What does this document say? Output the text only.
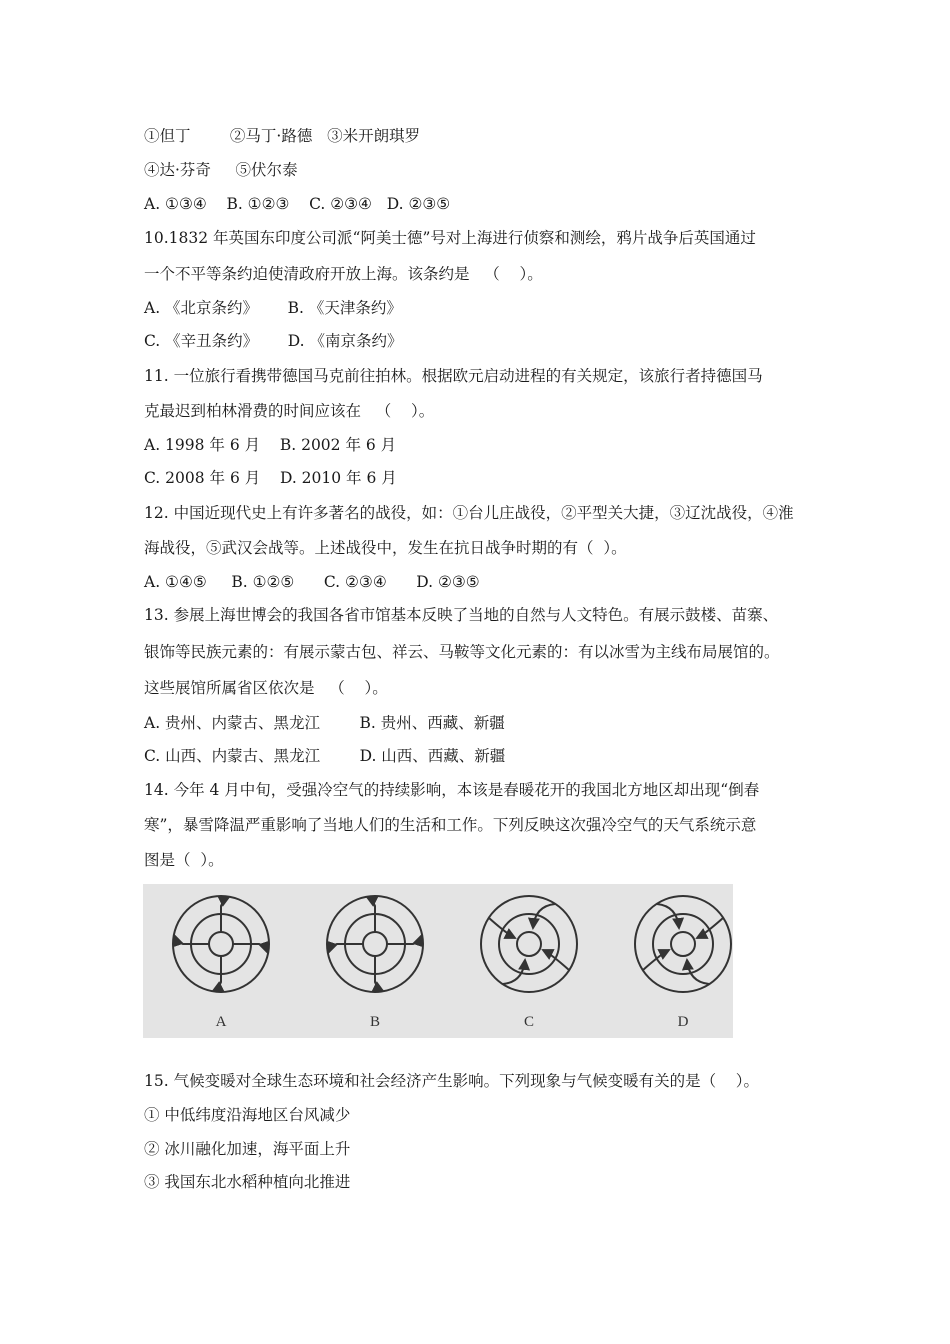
①但丁        ②马丁·路德   ③米开朗琪罗
④达·芬奇     ⑤伏尔泰
A. ①③④    B. ①②③    C. ②③④   D. ②③⑤
10.1832 年英国东印度公司派“阿美士德”号对上海进行侦察和测绘，鸦片战争后英国通过
一个不平等条约迫使清政府开放上海。该条约是   （    ）。
A. 《北京条约》      B. 《天津条约》
C. 《辛丑条约》      D. 《南京条约》
11. 一位旅行看携带德国马克前往拍林。根据欧元启动进程的有关规定，该旅行者持德国马
克最迟到柏林滑费的时间应该在   （    ）。
A. 1998 年 6 月    B. 2002 年 6 月
C. 2008 年 6 月    D. 2010 年 6 月
12. 中国近现代史上有许多著名的战役，如：①台儿庄战役，②平型关大捷，③辽沈战役，④淮
海战役，⑤武汉会战等。上述战役中，发生在抗日战争时期的有（  ）。
A. ①④⑤     B. ①②⑤      C. ②③④      D. ②③⑤
13. 参展上海世博会的我国各省市馆基本反映了当地的自然与人文特色。有展示鼓楼、苗寨、
银饰等民族元素的：有展示蒙古包、祥云、马鞍等文化元素的：有以冰雪为主线布局展馆的。
这些展馆所属省区依次是   （    ）。
A. 贵州、内蒙古、黑龙江        B. 贵州、西藏、新疆
C. 山西、内蒙古、黑龙江        D. 山西、西藏、新疆
14. 今年 4 月中旬，受强冷空气的持续影响，本该是春暖花开的我国北方地区却出现“倒春
寒”，暴雪降温严重影响了当地人们的生活和工作。下列反映这次强冷空气的天气系统示意
图是（  ）。
A	B	C	D
15. 气候变暖对全球生态环境和社会经济产生影响。下列现象与气候变暖有关的是（    ）。
① 中低纬度沿海地区台风减少
② 冰川融化加速，海平面上升
③ 我国东北水稻种植向北推进
